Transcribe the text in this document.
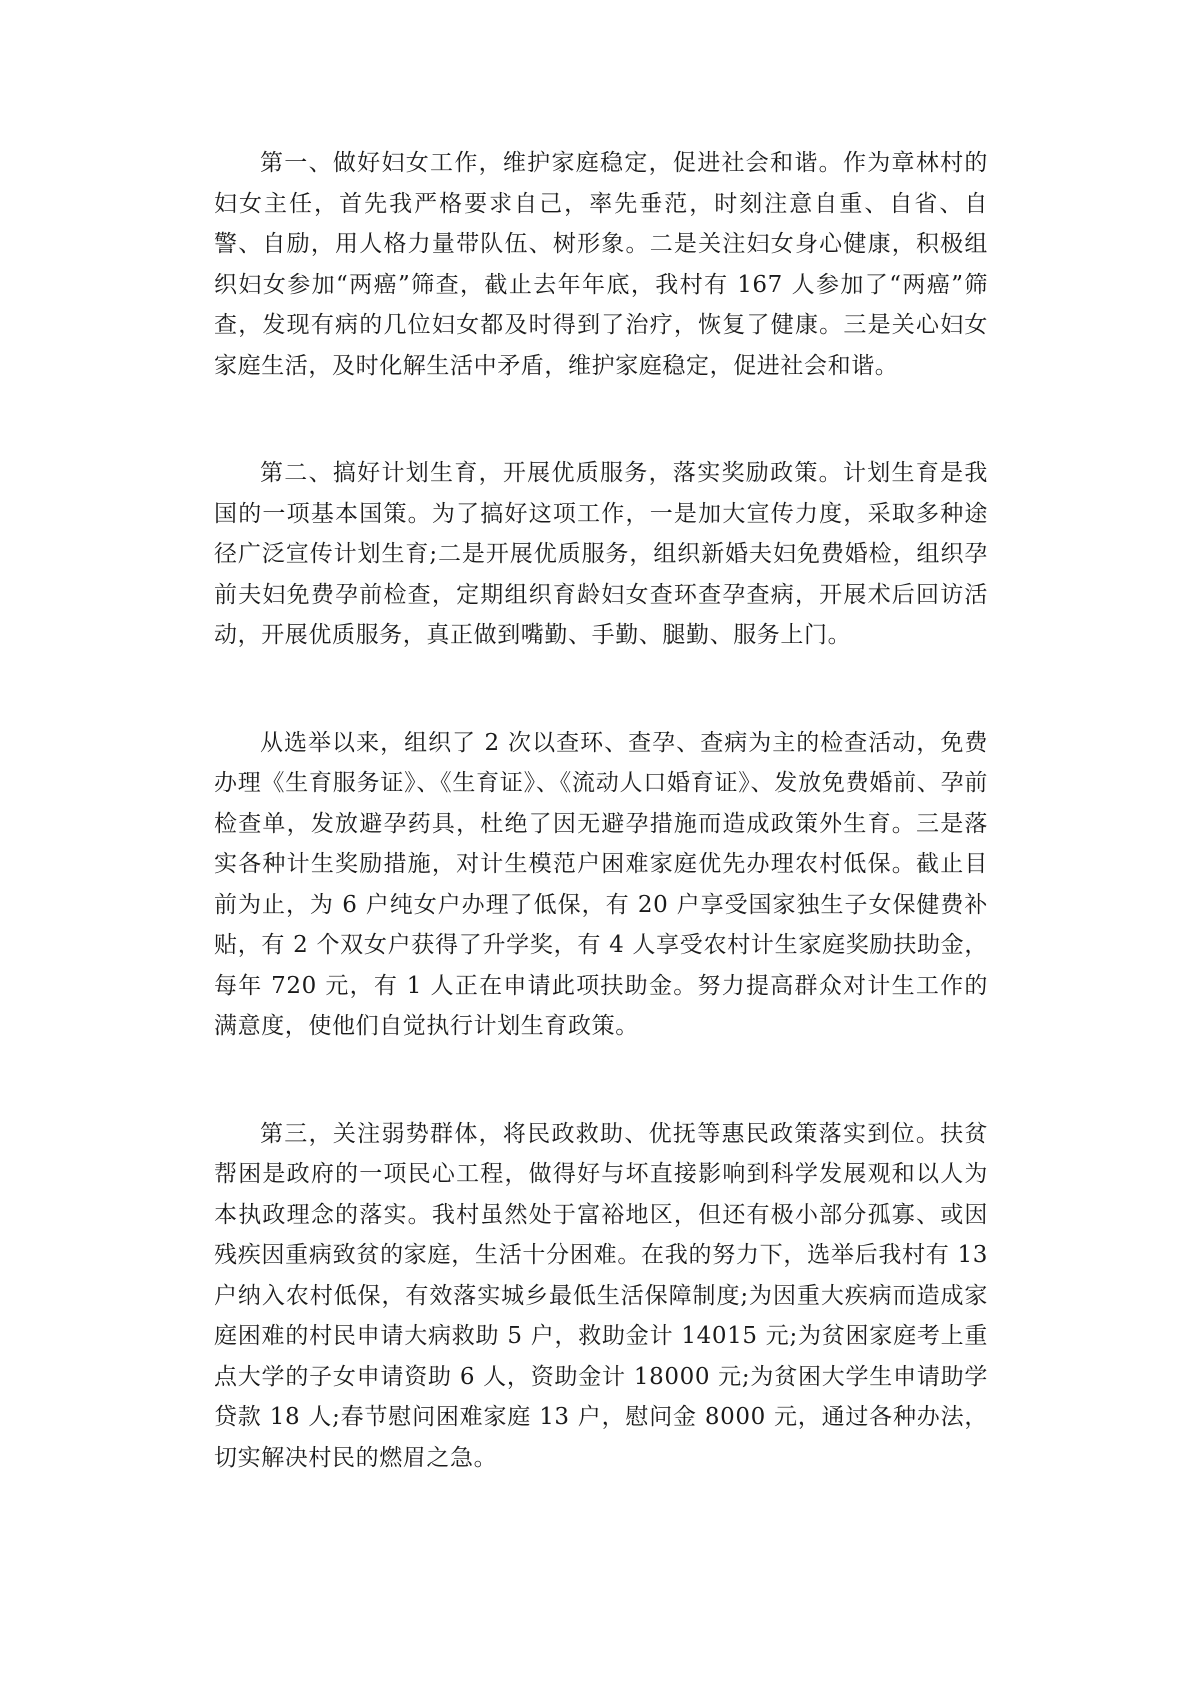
第一、做好妇女工作，维护家庭稳定，促进社会和谐。作为章林村的妇女主任，首先我严格要求自己，率先垂范，时刻注意自重、自省、自警、自励，用人格力量带队伍、树形象。二是关注妇女身心健康，积极组织妇女参加“两癌”筛查，截止去年年底，我村有 167 人参加了“两癌”筛查，发现有病的几位妇女都及时得到了治疗，恢复了健康。三是关心妇女家庭生活，及时化解生活中矛盾，维护家庭稳定，促进社会和谐。

第二、搞好计划生育，开展优质服务，落实奖励政策。计划生育是我国的一项基本国策。为了搞好这项工作，一是加大宣传力度，采取多种途径广泛宣传计划生育;二是开展优质服务，组织新婚夫妇免费婚检，组织孕前夫妇免费孕前检查，定期组织育龄妇女查环查孕查病，开展术后回访活动，开展优质服务，真正做到嘴勤、手勤、腿勤、服务上门。

从选举以来，组织了 2 次以查环、查孕、查病为主的检查活动，免费办理《生育服务证》、《生育证》、《流动人口婚育证》、发放免费婚前、孕前检查单，发放避孕药具，杜绝了因无避孕措施而造成政策外生育。三是落实各种计生奖励措施，对计生模范户困难家庭优先办理农村低保。截止目前为止，为 6 户纯女户办理了低保，有 20 户享受国家独生子女保健费补贴，有 2 个双女户获得了升学奖，有 4 人享受农村计生家庭奖励扶助金，每年 720 元，有 1 人正在申请此项扶助金。努力提高群众对计生工作的满意度，使他们自觉执行计划生育政策。

第三，关注弱势群体，将民政救助、优抚等惠民政策落实到位。扶贫帮困是政府的一项民心工程，做得好与坏直接影响到科学发展观和以人为本执政理念的落实。我村虽然处于富裕地区，但还有极小部分孤寡、或因残疾因重病致贫的家庭，生活十分困难。在我的努力下，选举后我村有 13 户纳入农村低保，有效落实城乡最低生活保障制度;为因重大疾病而造成家庭困难的村民申请大病救助 5 户，救助金计 14015 元;为贫困家庭考上重点大学的子女申请资助 6 人，资助金计 18000 元;为贫困大学生申请助学贷款 18 人;春节慰问困难家庭 13 户，慰问金 8000 元，通过各种办法，切实解决村民的燃眉之急。
